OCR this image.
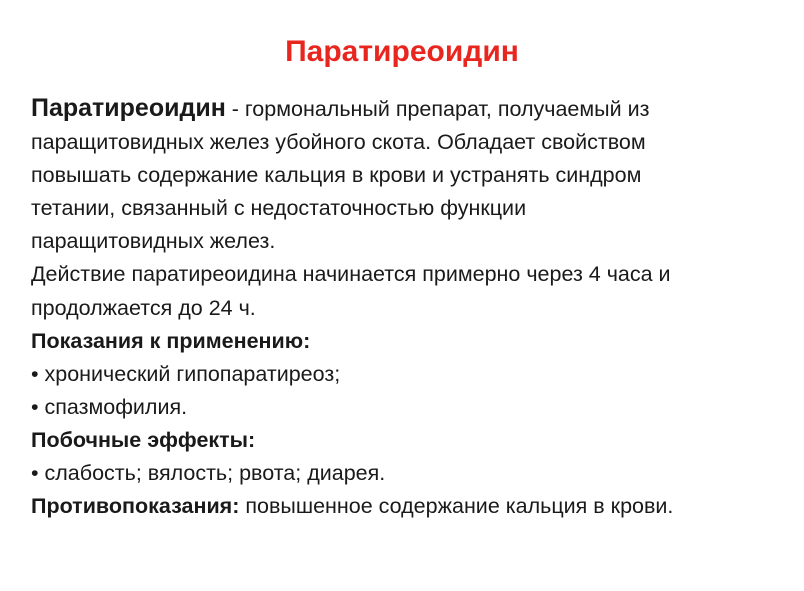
Паратиреоидин
Паратиреоидин - гормональный препарат, получаемый из
паращитовидных желез убойного скота. Обладает свойством
повышать содержание кальция в крови и устранять синдром
тетании, связанный с недостаточностью функции
паращитовидных желез.
Действие паратиреоидина начинается примерно через 4 часа и
продолжается до 24 ч.
Показания к применению:
• хронический гипопаратиреоз;
• спазмофилия.
Побочные эффекты:
• слабость; вялость; рвота; диарея.
Противопоказания: повышенное содержание кальция в крови.
